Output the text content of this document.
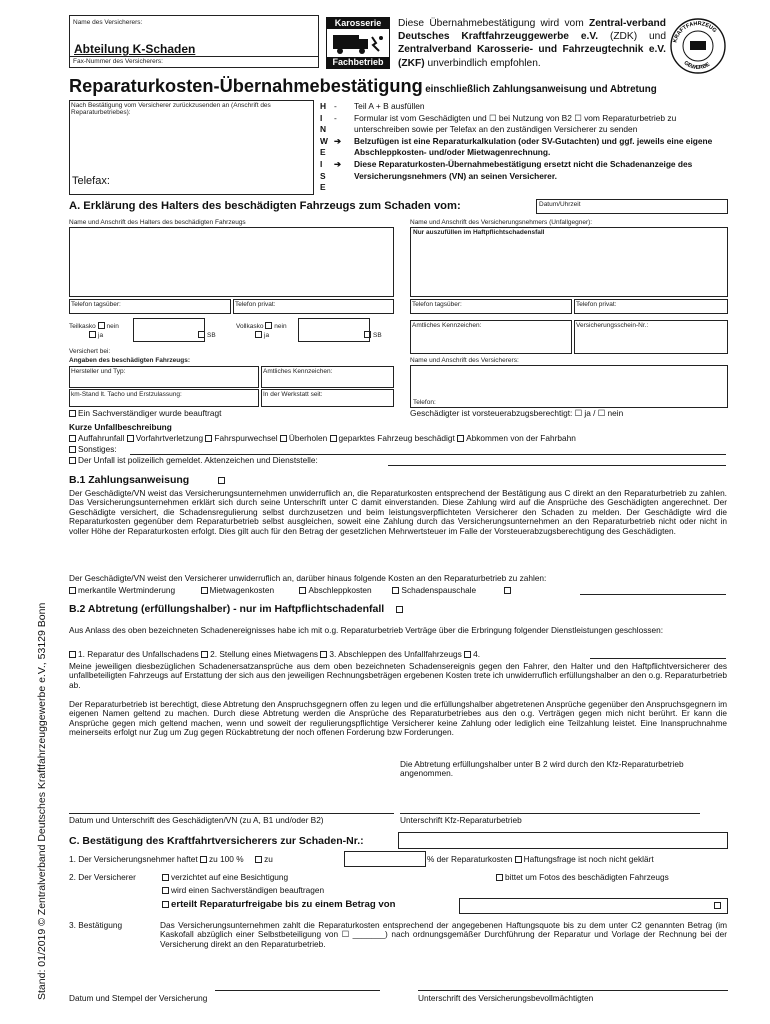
Stand: 01/2019 © Zentralverband Deutsches Kraftfahrzeuggewerbe e.V., 53129 Bonn
Name des Versicherers:
Abteilung K-Schaden
Fax-Nummer des Versicherers:
Karosserie
Fachbetrieb
Diese Übernahmebestätigung wird vom Zentral-verband Deutsches Kraftfahrzeuggewerbe e.V. (ZDK) und Zentralverband Karosserie- und Fahrzeugtechnik e.V. (ZKF) unverbindlich empfohlen.
KRAFTFAHRZEUG
GEWERBE
Reparaturkosten-Übernahmebestätigung einschließlich Zahlungsanweisung und Abtretung
Nach Bestätigung vom Versicherer zurückzusenden an (Anschrift des Reparaturbetriebes):
Telefax:
H
I
N
W
E
I
S
E
-	Teil A + B ausfüllen
-	Formular ist vom Geschädigten und ☐ bei Nutzung von B2 ☐ vom Reparaturbetrieb zu unterschreiben sowie per Telefax an den zuständigen Versicherer zu senden
➔	Belzufügen ist eine Reparaturkalkulation (oder SV-Gutachten) und ggf. jeweils eine eigene Abschleppkosten- und/oder Mietwagenrechnung.
➔	Diese Reparaturkosten-Übernahmebestätigung ersetzt nicht die Schadenanzeige des Versicherungsnehmers (VN) an seinen Versicherer.
A. Erklärung des Halters des beschädigten Fahrzeugs zum Schaden vom:	Datum/Uhrzeit
Name und Anschrift des Halters des beschädigten Fahrzeugs	Name und Anschrift des Versicherungsnehmers (Unfallgegner):
Nur auszufüllen im Haftpflichtschadensfall
Telefon tagsüber:	Telefon privat:	Telefon tagsüber:	Telefon privat:
Teilkasko nein
ja	SB
Vollkasko nein
ja	SB
Amtliches Kennzeichen:	Versicherungsschein-Nr.:
Versichert bei:
Angaben des beschädigten Fahrzeugs:
Hersteller und Typ:	Amtliches Kennzeichen:
km-Stand lt. Tacho und Erstzulassung:	In der Werkstatt seit:
Name und Anschrift des Versicherers:
Telefon:
Ein Sachverständiger wurde beauftragt	Geschädigter ist vorsteuerabzugsberechtigt: ☐ ja / ☐ nein
Kurze Unfallbeschreibung
Auffahrunfall Vorfahrtverletzung Fahrspurwechsel Überholen geparktes Fahrzeug beschädigt Abkommen von der Fahrbahn
Sonstiges:
Der Unfall ist polizeilich gemeldet. Aktenzeichen und Dienststelle:
B.1 Zahlungsanweisung
Der Geschädigte/VN weist das Versicherungsunternehmen unwiderruflich an, die Reparaturkosten entsprechend der Bestätigung aus C direkt an den Reparaturbetrieb zu zahlen. Das Versicherungsunternehmen erklärt sich durch seine Unterschrift unter C damit einverstanden. Diese Zahlung wird auf die Ansprüche des Geschädigten angerechnet. Der Geschädigte versichert, die Schadensregulierung selbst durchzusetzen und beim leistungsverpflichteten Versicherer den Schaden zu melden. Der Geschädigte wird die Reparaturkosten gegenüber dem Reparaturbetrieb selbst ausgleichen, soweit eine Zahlung durch das Versicherungsunternehmen an den Reparaturbetrieb nicht oder nicht in voller Höhe der Reparaturkosten erfolgt. Dies gilt auch für den Betrag der gesetzlichen Mehrwertsteuer im Falle der Vorsteuerabzugsberechtigung des Geschädigten.
Der Geschädigte/VN weist den Versicherer unwiderruflich an, darüber hinaus folgende Kosten an den Reparaturbetrieb zu zahlen:
merkantile Wertminderung	Mietwagenkosten	Abschleppkosten	Schadenspauschale
B.2 Abtretung (erfüllungshalber) - nur im Haftpflichtschadenfall
Aus Anlass des oben bezeichneten Schadenereignisses habe ich mit o.g. Reparaturbetrieb Verträge über die Erbringung folgender Dienstleistungen geschlossen:
1. Reparatur des Unfallschadens 2. Stellung eines Mietwagens 3. Abschleppen des Unfallfahrzeugs 4.
Meine jeweiligen diesbezüglichen Schadenersatzansprüche aus dem oben bezeichneten Schadensereignis gegen den Fahrer, den Halter und den Haftpflichtversicherer des unfallbeteiligten Fahrzeugs auf Erstattung der sich aus den jeweiligen Rechnungsbeträgen ergebenen Kosten trete ich unwiderruflich erfüllungshalber an den o.g. Reparaturbetrieb ab.
Der Reparaturbetrieb ist berechtigt, diese Abtretung den Anspruchsgegnern offen zu legen und die erfüllungshalber abgetretenen Ansprüche gegenüber den Anspruchsgegnern im eigenen Namen geltend zu machen. Durch diese Abtretung werden die Ansprüche des Reparaturbetriebes aus den o.g. Verträgen gegen mich nicht berührt. Er kann die Ansprüche gegen mich geltend machen, wenn und soweit der regulierungspflichtige Versicherer keine Zahlung oder lediglich eine Teilzahlung leistet. Eine Inanspruchnahme meinerseits erfolgt nur Zug um Zug gegen Rückabtretung der noch offenen Forderung bzw Forderungen.
Die Abtretung erfüllungshalber unter B 2 wird durch den Kfz-Reparaturbetrieb angenommen.
Datum und Unterschrift des Geschädigten/VN (zu A, B1 und/oder B2)	Unterschrift Kfz-Reparaturbetrieb
C. Bestätigung des Kraftfahrtversicherers zur Schaden-Nr.:
1. Der Versicherungsnehmer haftet zu 100 % zu	% der Reparaturkosten Haftungsfrage ist noch nicht geklärt
2. Der Versicherer	verzichtet auf eine Besichtigung	bittet um Fotos des beschädigten Fahrzeugs
wird einen Sachverständigen beauftragen
erteilt Reparaturfreigabe bis zu einem Betrag von
3. Bestätigung	Das Versicherungsunternehmen zahlt die Reparaturkosten entsprechend der angegebenen Haftungsquote bis zu dem unter C2 genannten Betrag (im Kaskofall abzüglich einer Selbstbeteiligung von ☐ _______) nach ordnungsgemäßer Durchführung der Reparatur und Vorlage der Rechnung bei der Versicherung direkt an den Reparaturbetrieb.
Datum und Stempel der Versicherung	Unterschrift des Versicherungsbevollmächtigten
